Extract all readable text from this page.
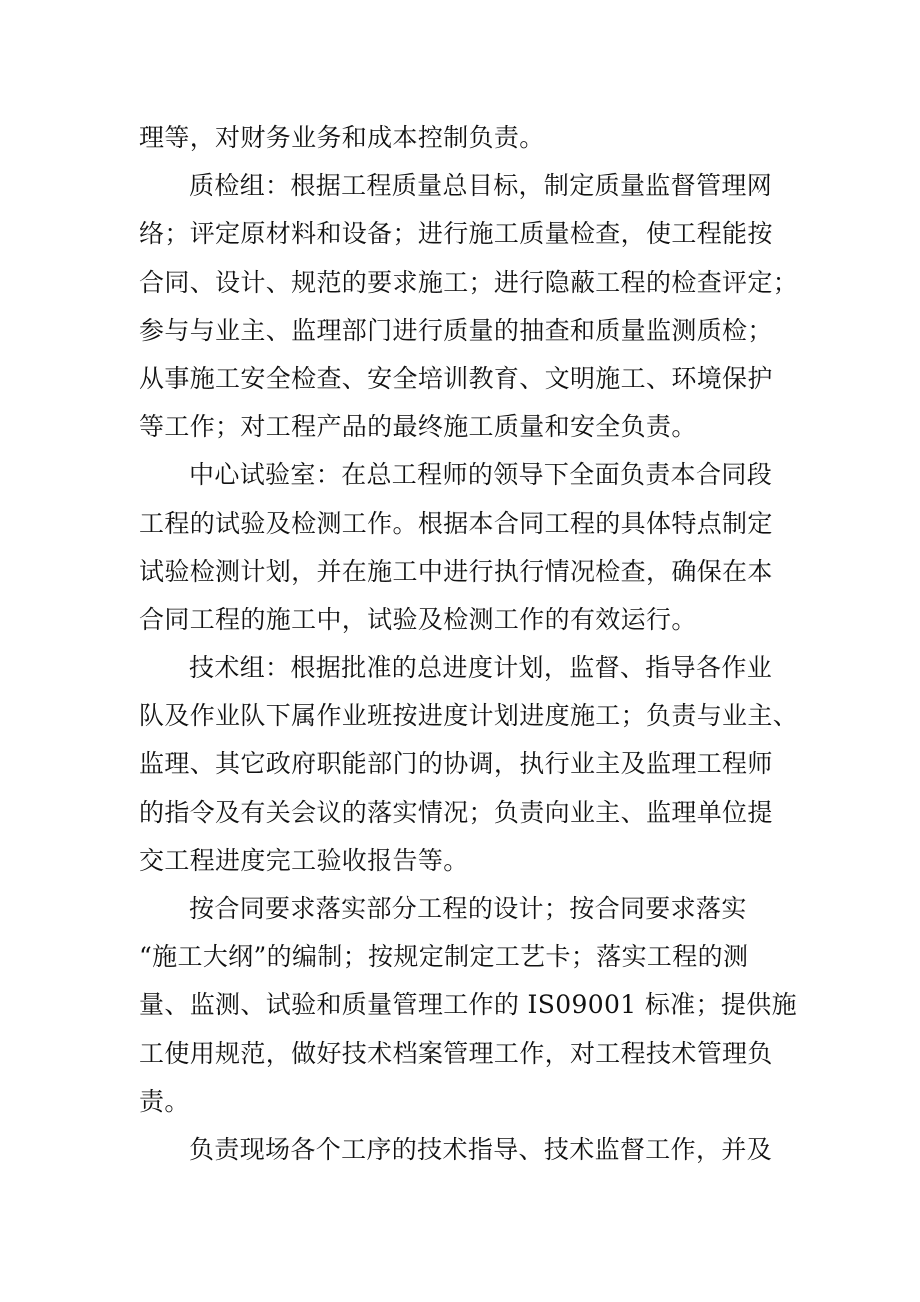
理等，对财务业务和成本控制负责。
质检组：根据工程质量总目标，制定质量监督管理网
络；评定原材料和设备；进行施工质量检查，使工程能按
合同、设计、规范的要求施工；进行隐蔽工程的检查评定；
参与与业主、监理部门进行质量的抽查和质量监测质检；
从事施工安全检查、安全培训教育、文明施工、环境保护
等工作；对工程产品的最终施工质量和安全负责。
中心试验室：在总工程师的领导下全面负责本合同段
工程的试验及检测工作。根据本合同工程的具体特点制定
试验检测计划，并在施工中进行执行情况检查，确保在本
合同工程的施工中，试验及检测工作的有效运行。
技术组：根据批准的总进度计划，监督、指导各作业
队及作业队下属作业班按进度计划进度施工；负责与业主、
监理、其它政府职能部门的协调，执行业主及监理工程师
的指令及有关会议的落实情况；负责向业主、监理单位提
交工程进度完工验收报告等。
按合同要求落实部分工程的设计；按合同要求落实
“施工大纲”的编制；按规定制定工艺卡；落实工程的测
量、监测、试验和质量管理工作的 IS09001 标准；提供施
工使用规范，做好技术档案管理工作，对工程技术管理负
责。
负责现场各个工序的技术指导、技术监督工作，并及
